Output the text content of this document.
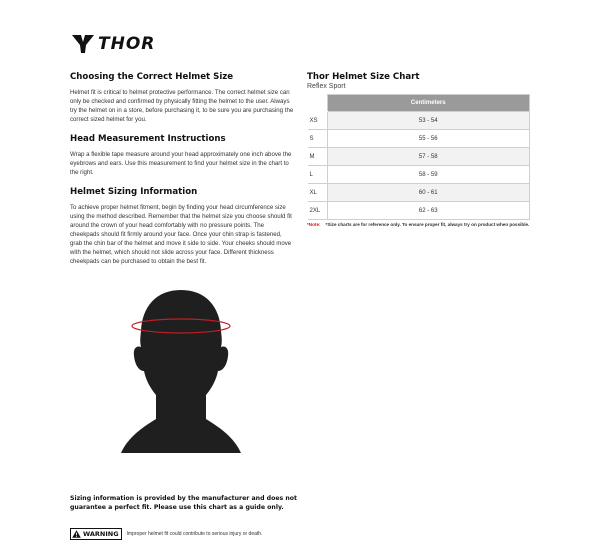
THOR
Choosing the Correct Helmet Size
Helmet fit is critical to helmet protective performance. The correct helmet size can only be checked and confirmed by physically fitting the helmet to the user. Always try the helmet on in a store, before purchasing it, to be sure you are purchasing the correct sized helmet for you.
Head Measurement Instructions
Wrap a flexible tape measure around your head approximately one inch above the eyebrows and ears. Use this measurement to find your helmet size in the chart to the right.
Helmet Sizing Information
To achieve proper helmet fitment, begin by finding your head circumference size using the method described. Remember that the helmet size you choose should fit around the crown of your head comfortably with no pressure points. The cheekpads should fit firmly around your face. Once your chin strap is fastened, grab the chin bar of the helmet and move it side to side. Your cheeks should move with the helmet, which should not slide across your face. Different thickness cheekpads can be purchased to obtain the best fit.
Thor Helmet Size Chart
Reflex Sport
	Centimeters
XS	53 - 54
S	55 - 56
M	57 - 58
L	58 - 59
XL	60 - 61
2XL	62 - 63
*Note: *Size charts are for reference only. To ensure proper fit, always try on product when possible.
Sizing information is provided by the manufacturer and does not guarantee a perfect fit. Please use this chart as a guide only.
WARNING Improper helmet fit could contribute to serious injury or death.
